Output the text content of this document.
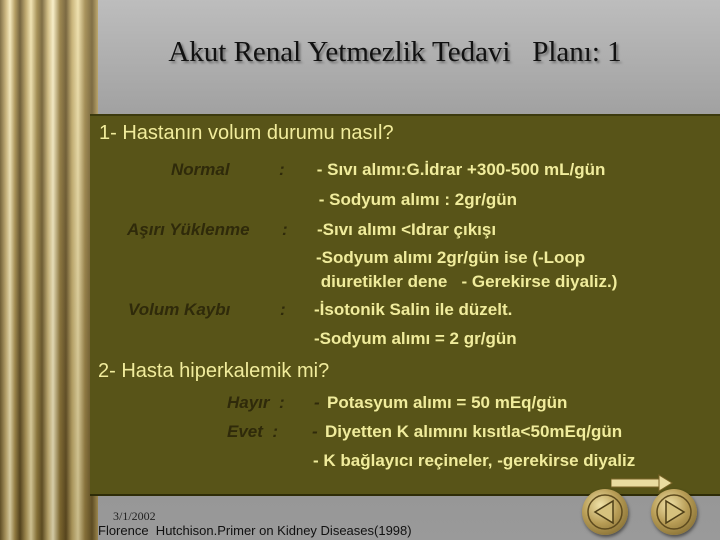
Akut Renal Yetmezlik Tedavi   Planı: 1
1- Hastanın volum durumu nasıl?
Normal	: - Sıvı alımı:G.İdrar +300-500 mL/gün
- Sodyum alımı : 2gr/gün
Aşırı Yüklenme : -Sıvı alımı <Idrar çıkışı
-Sodyum alımı 2gr/gün ise (-Loop
diuretikler dene   - Gerekirse diyaliz.)
Volum Kaybı	: -İsotonik Salin ile düzelt.
-Sodyum alımı = 2 gr/gün
2- Hasta hiperkalemik mi?
Hayır  : - Potasyum alımı = 50 mEq/gün
Evet  : - Diyetten K alımını kısıtla<50mEq/gün
- K bağlayıcı reçineler, -gerekirse diyaliz
3/1/2002
Florence  Hutchison.Primer on Kidney Diseases(1998)
